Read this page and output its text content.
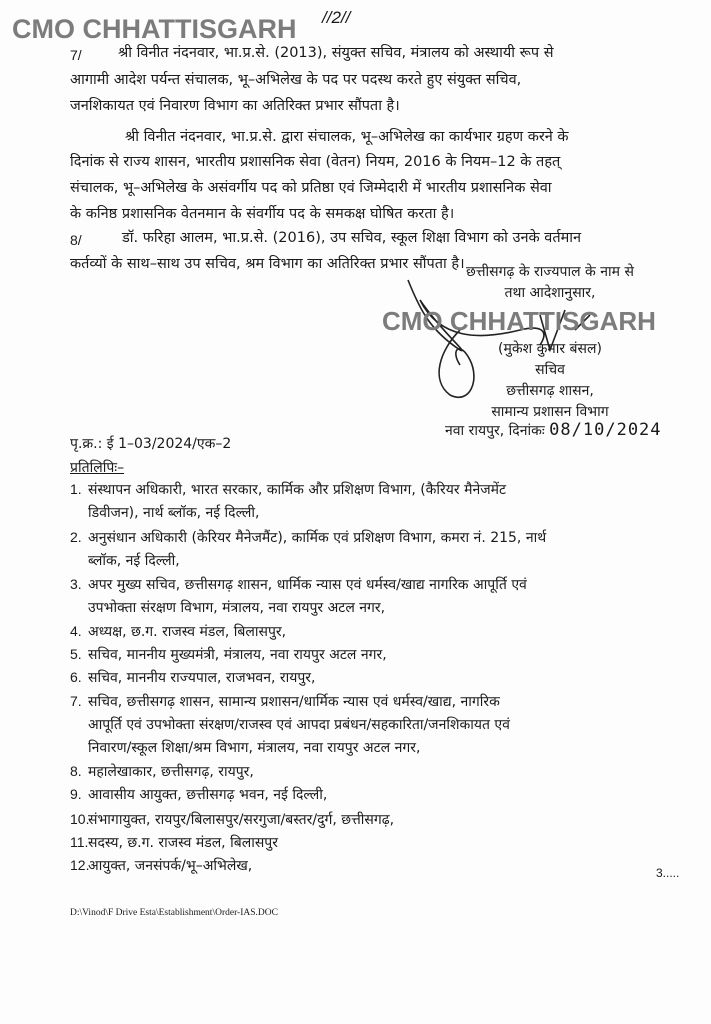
CMO CHHATTISGARH //2//
7/	श्री विनीत नंदनवार, भा.प्र.से. (2013), संयुक्त सचिव, मंत्रालय को अस्थायी रूप से
आगामी आदेश पर्यन्त संचालक, भू–अभिलेख के पद पर पदस्थ करते हुए संयुक्त सचिव,
जनशिकायत एवं निवारण विभाग का अतिरिक्त प्रभार सौंपता है।
श्री विनीत नंदनवार, भा.प्र.से. द्वारा संचालक, भू–अभिलेख का कार्यभार ग्रहण करने के
दिनांक से राज्य शासन, भारतीय प्रशासनिक सेवा (वेतन) नियम, 2016 के नियम–12 के तहत्
संचालक, भू–अभिलेख के असंवर्गीय पद को प्रतिष्ठा एवं जिम्मेदारी में भारतीय प्रशासनिक सेवा
के कनिष्ठ प्रशासनिक वेतनमान के संवर्गीय पद के समकक्ष घोषित करता है।
8/	डॉ. फरिहा आलम, भा.प्र.से. (2016), उप सचिव, स्कूल शिक्षा विभाग को उनके वर्तमान
कर्तव्यों के साथ–साथ उप सचिव, श्रम विभाग का अतिरिक्त प्रभार सौंपता है।
CMO CHHATTISGARH
छत्तीसगढ़ के राज्यपाल के नाम से
तथा आदेशानुसार,
(मुकेश कुमार बंसल)
सचिव
छत्तीसगढ़ शासन,
सामान्य प्रशासन विभाग
नवा रायपुर, दिनांकः 08/10/2024
पृ.क्र.: ई 1–03/2024/एक–2
प्रतिलिपिः–
1. संस्थापन अधिकारी, भारत सरकार, कार्मिक और प्रशिक्षण विभाग, (कैरियर मैनेजमेंट
डिवीजन), नार्थ ब्लॉक, नई दिल्ली,
2. अनुसंधान अधिकारी (केरियर मैनेजमैंट), कार्मिक एवं प्रशिक्षण विभाग, कमरा नं. 215, नार्थ
ब्लॉक, नई दिल्ली,
3. अपर मुख्य सचिव, छत्तीसगढ़ शासन, धार्मिक न्यास एवं धर्मस्व/खाद्य नागरिक आपूर्ति एवं
उपभोक्ता संरक्षण विभाग, मंत्रालय, नवा रायपुर अटल नगर,
4. अध्यक्ष, छ.ग. राजस्व मंडल, बिलासपुर,
5. सचिव, माननीय मुख्यमंत्री, मंत्रालय, नवा रायपुर अटल नगर,
6. सचिव, माननीय राज्यपाल, राजभवन, रायपुर,
7. सचिव, छत्तीसगढ़ शासन, सामान्य प्रशासन/धार्मिक न्यास एवं धर्मस्व/खाद्य, नागरिक
आपूर्ति एवं उपभोक्ता संरक्षण/राजस्व एवं आपदा प्रबंधन/सहकारिता/जनशिकायत एवं
निवारण/स्कूल शिक्षा/श्रम विभाग, मंत्रालय, नवा रायपुर अटल नगर,
8. महालेखाकार, छत्तीसगढ़, रायपुर,
9. आवासीय आयुक्त, छत्तीसगढ़ भवन, नई दिल्ली,
10.संभागायुक्त, रायपुर/बिलासपुर/सरगुजा/बस्तर/दुर्ग, छत्तीसगढ़,
11.सदस्य, छ.ग. राजस्व मंडल, बिलासपुर
12.आयुक्त, जनसंपर्क/भू–अभिलेख,	3.....
D:\Vinod\F Drive Esta\Establishment\Order-IAS.DOC
